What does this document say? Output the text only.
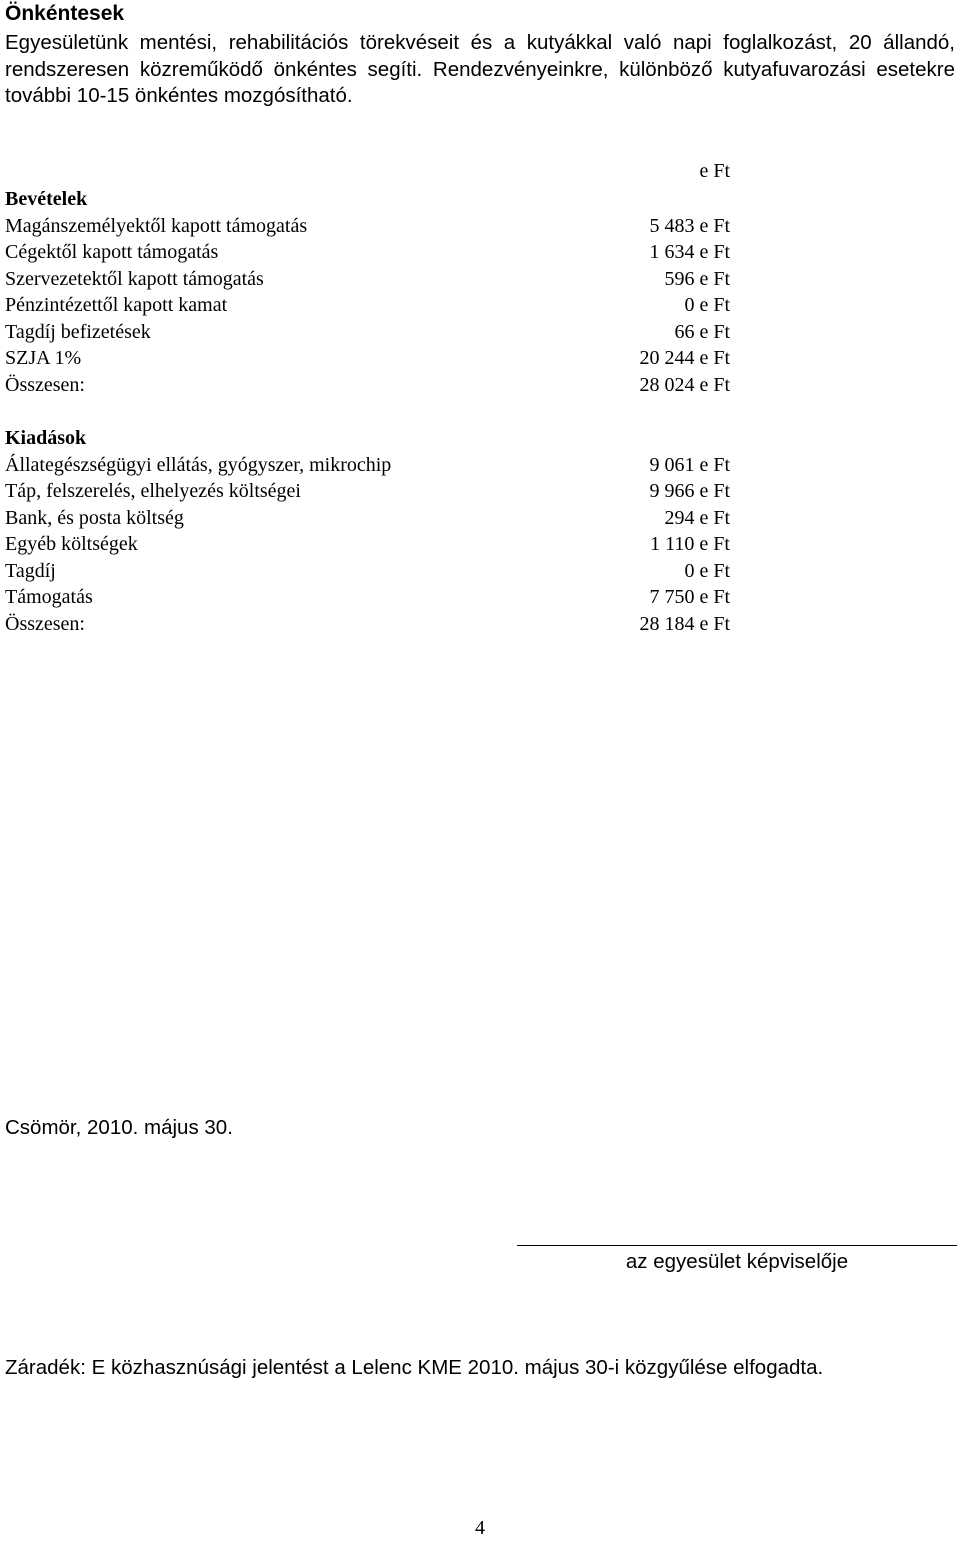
Önkéntesek
Egyesületünk mentési, rehabilitációs törekvéseit és a kutyákkal való napi foglalkozást, 20 állandó, rendszeresen közreműködő önkéntes segíti. Rendezvényeinkre, különböző kutyafuvarozási esetekre további 10-15 önkéntes mozgósítható.
e Ft
Bevételek
Magánszemélyektől kapott támogatás	5 483 e Ft
Cégektől kapott támogatás	1 634 e Ft
Szervezetektől kapott támogatás	596 e Ft
Pénzintézettől kapott kamat	0 e Ft
Tagdíj befizetések	66 e Ft
SZJA 1%	20 244 e Ft
Összesen:	28 024 e Ft
Kiadások
Állategészségügyi ellátás, gyógyszer, mikrochip	9 061 e Ft
Táp, felszerelés, elhelyezés költségei	9 966 e Ft
Bank, és posta költség	294 e Ft
Egyéb költségek	1 110 e Ft
Tagdíj	0 e Ft
Támogatás	7 750 e Ft
Összesen:	28 184 e Ft
Csömör, 2010. május 30.
az egyesület képviselője
Záradék: E közhasznúsági jelentést a Lelenc KME 2010. május 30-i közgyűlése elfogadta.
4
